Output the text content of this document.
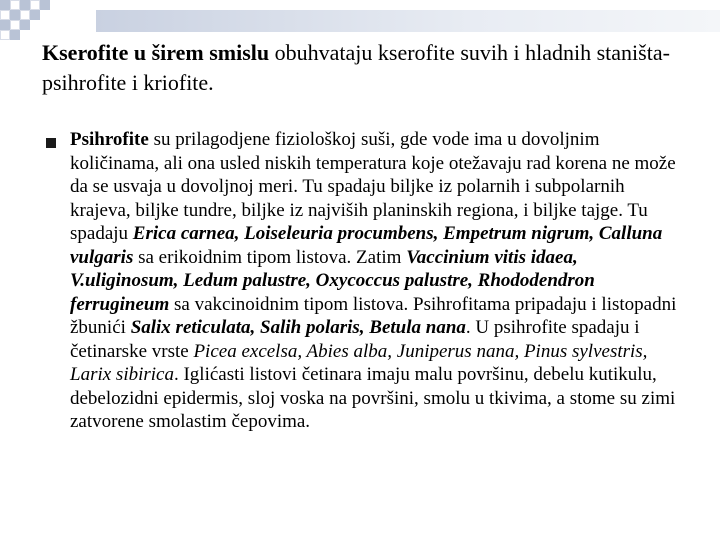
Kserofite u širem smislu obuhvataju kserofite suvih i hladnih staništa- psihrofite i kriofite.
Psihrofite su prilagodjene fiziološkoj suši, gde vode ima u dovoljnim količinama, ali ona usled niskih temperatura koje otežavaju rad korena ne može da se usvaja u dovoljnoj meri. Tu spadaju biljke iz polarnih i subpolarnih krajeva, biljke tundre, biljke iz najviših planinskih regiona, i biljke tajge. Tu spadaju Erica carnea, Loiseleuria procumbens, Empetrum nigrum, Calluna vulgaris sa erikoidnim tipom listova. Zatim Vaccinium vitis idaea, V.uliginosum, Ledum palustre, Oxycoccus palustre, Rhododendron ferrugineum sa vakcinoidnim tipom listova. Psihrofitama pripadaju i listopadni žbunići Salix reticulata, Salih polaris, Betula nana. U psihrofite spadaju i četinarske vrste Picea excelsa, Abies alba, Juniperus nana, Pinus sylvestris, Larix sibirica. Iglićasti listovi četinara imaju malu površinu, debelu kutikulu, debelozidni epidermis, sloj voska na površini, smolu u tkivima, a stome su zimi zatvorene smolastim čepovima.
